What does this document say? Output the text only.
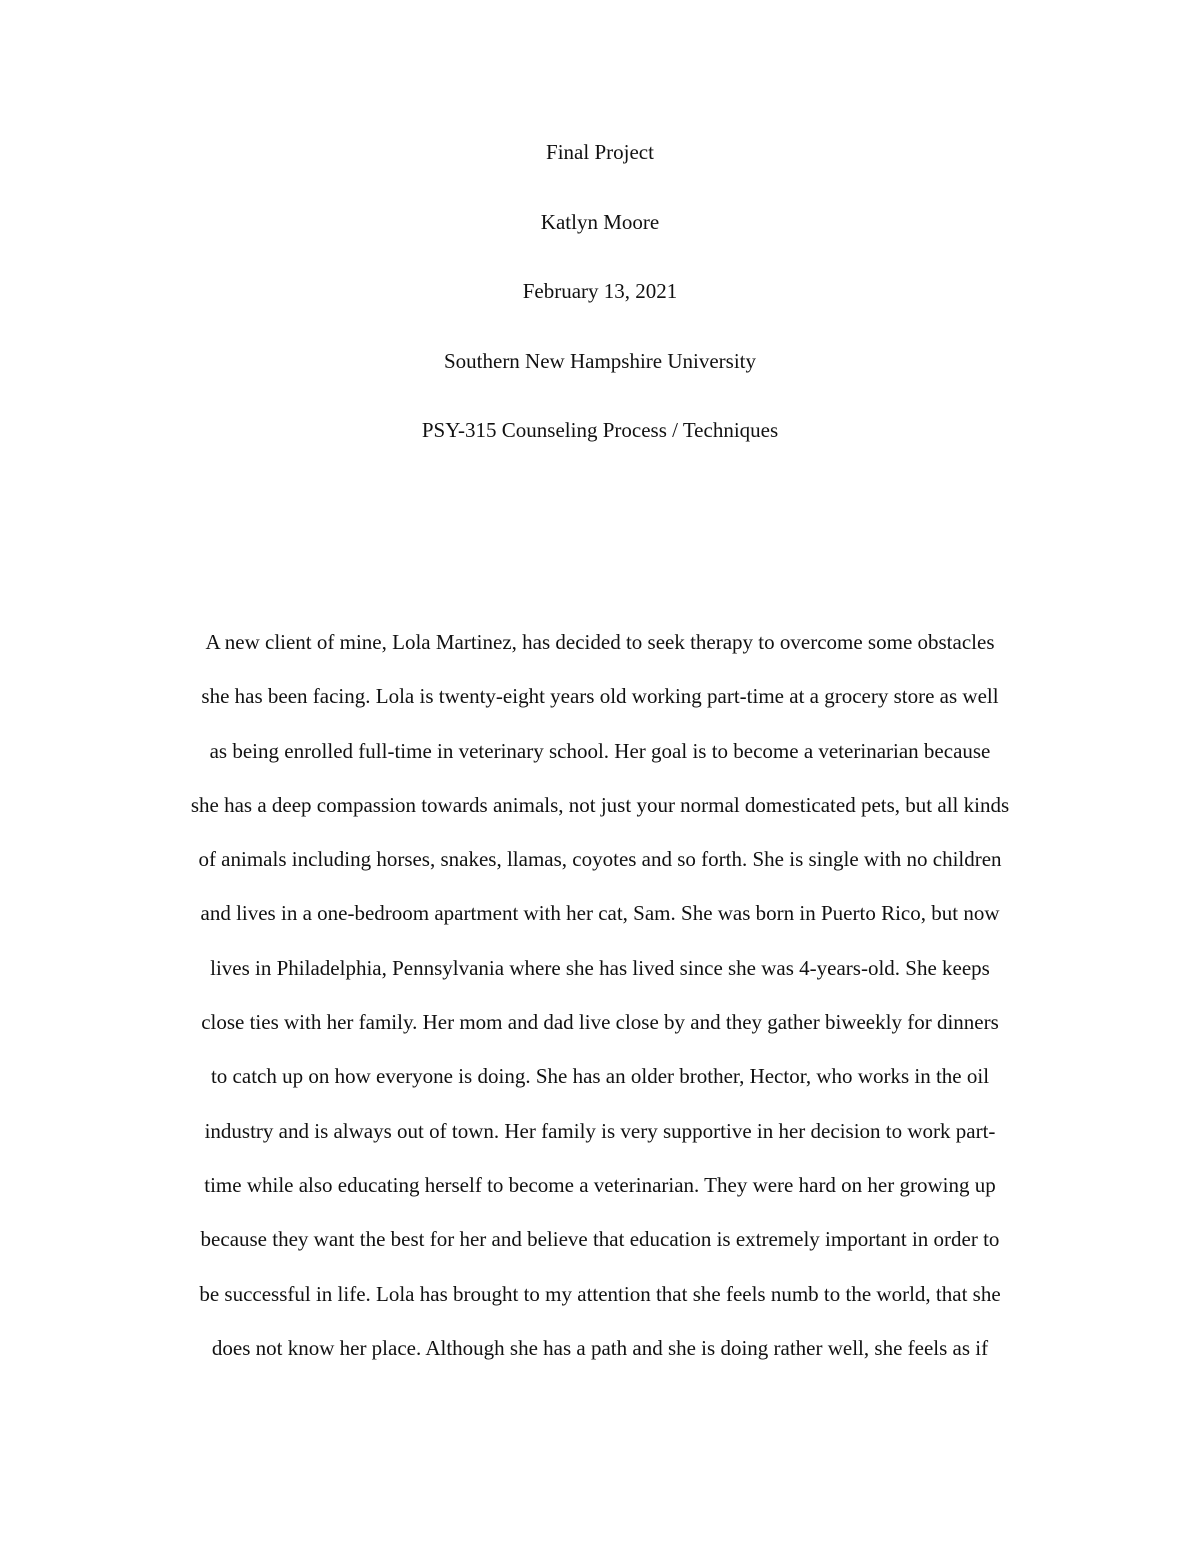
Final Project
Katlyn Moore
February 13, 2021
Southern New Hampshire University
PSY-315 Counseling Process / Techniques
A new client of mine, Lola Martinez, has decided to seek therapy to overcome some obstacles
she has been facing. Lola is twenty-eight years old working part-time at a grocery store as well
as being enrolled full-time in veterinary school. Her goal is to become a veterinarian because
she has a deep compassion towards animals, not just your normal domesticated pets, but all kinds
of animals including horses, snakes, llamas, coyotes and so forth. She is single with no children
and lives in a one-bedroom apartment with her cat, Sam. She was born in Puerto Rico, but now
lives in Philadelphia, Pennsylvania where she has lived since she was 4-years-old. She keeps
close ties with her family. Her mom and dad live close by and they gather biweekly for dinners
to catch up on how everyone is doing. She has an older brother, Hector, who works in the oil
industry and is always out of town. Her family is very supportive in her decision to work part-
time while also educating herself to become a veterinarian. They were hard on her growing up
because they want the best for her and believe that education is extremely important in order to
be successful in life. Lola has brought to my attention that she feels numb to the world, that she
does not know her place. Although she has a path and she is doing rather well, she feels as if
